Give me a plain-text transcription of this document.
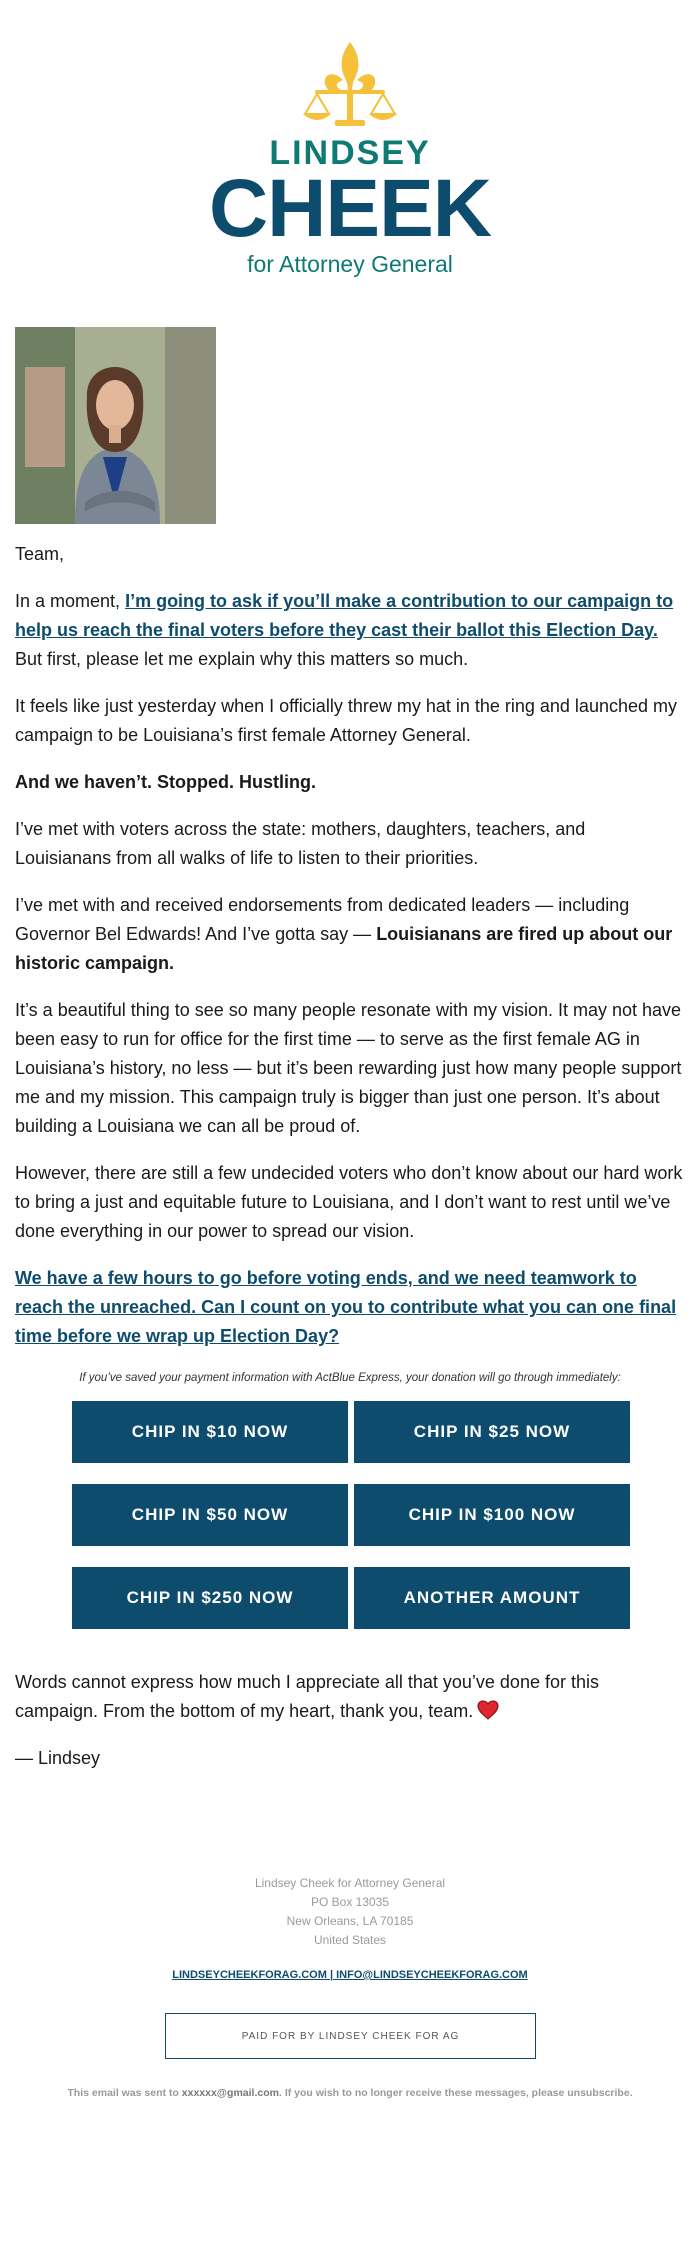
LINDSEY
CHEEK
for Attorney General

Team,

In a moment, I’m going to ask if you’ll make a contribution to our campaign to help us reach the final voters before they cast their ballot this Election Day. But first, please let me explain why this matters so much.

It feels like just yesterday when I officially threw my hat in the ring and launched my campaign to be Louisiana’s first female Attorney General.

And we haven’t. Stopped. Hustling.

I’ve met with voters across the state: mothers, daughters, teachers, and Louisianans from all walks of life to listen to their priorities.

I’ve met with and received endorsements from dedicated leaders — including Governor Bel Edwards! And I’ve gotta say — Louisianans are fired up about our historic campaign.

It’s a beautiful thing to see so many people resonate with my vision. It may not have been easy to run for office for the first time — to serve as the first female AG in Louisiana’s history, no less — but it’s been rewarding just how many people support me and my mission. This campaign truly is bigger than just one person. It’s about building a Louisiana we can all be proud of.

However, there are still a few undecided voters who don’t know about our hard work to bring a just and equitable future to Louisiana, and I don’t want to rest until we’ve done everything in our power to spread our vision.

We have a few hours to go before voting ends, and we need teamwork to reach the unreached. Can I count on you to contribute what you can one final time before we wrap up Election Day?

If you’ve saved your payment information with ActBlue Express, your donation will go through immediately:
CHIP IN $10 NOW	CHIP IN $25 NOW
CHIP IN $50 NOW	CHIP IN $100 NOW
CHIP IN $250 NOW	ANOTHER AMOUNT

Words cannot express how much I appreciate all that you’ve done for this campaign. From the bottom of my heart, thank you, team.

— Lindsey

Lindsey Cheek for Attorney General
PO Box 13035
New Orleans, LA 70185
United States
LINDSEYCHEEKFORAG.COM | INFO@LINDSEYCHEEKFORAG.COM
PAID FOR BY LINDSEY CHEEK FOR AG
This email was sent to xxxxxx@gmail.com. If you wish to no longer receive these messages, please unsubscribe.
